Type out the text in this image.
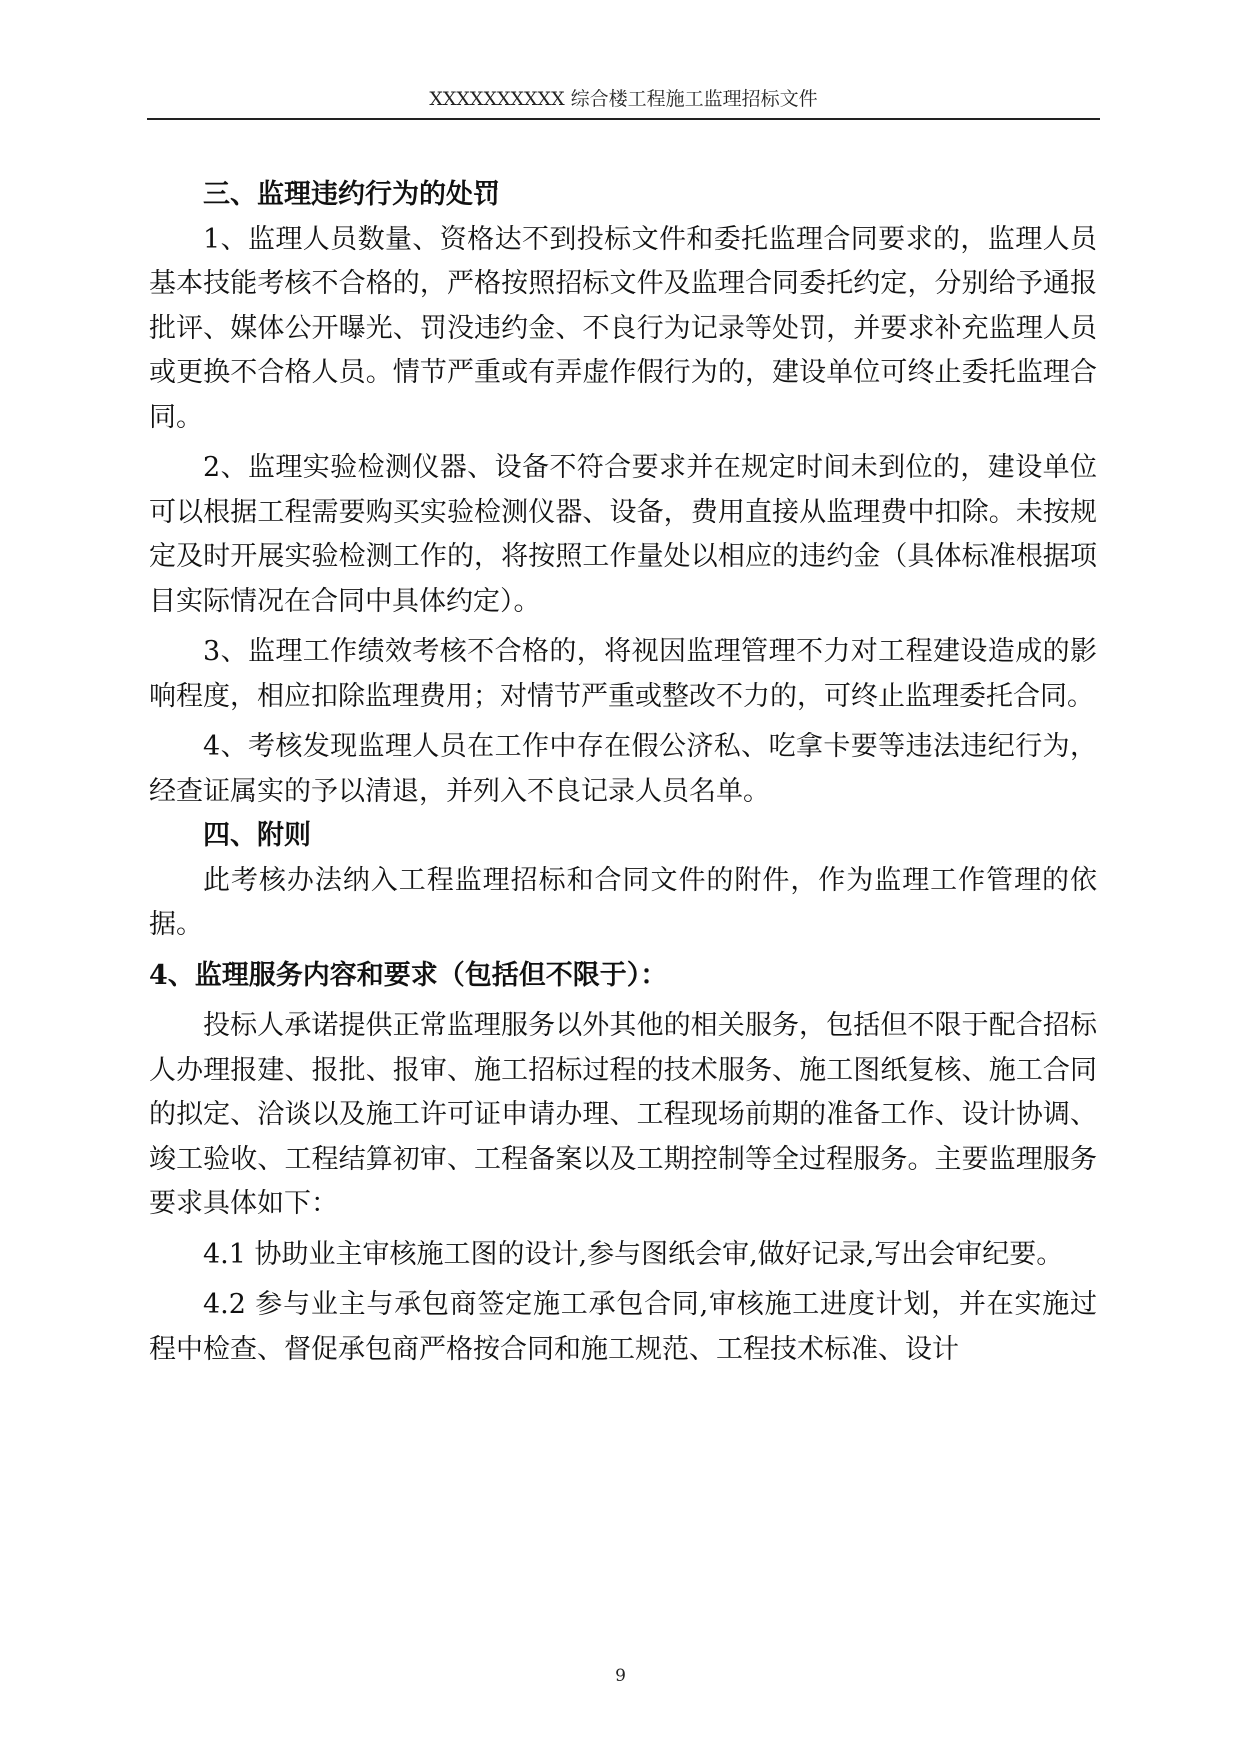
XXXXXXXXXX 综合楼工程施工监理招标文件

三、监理违约行为的处罚

1、监理人员数量、资格达不到投标文件和委托监理合同要求的，监理人员基本技能考核不合格的，严格按照招标文件及监理合同委托约定，分别给予通报批评、媒体公开曝光、罚没违约金、不良行为记录等处罚，并要求补充监理人员或更换不合格人员。情节严重或有弄虚作假行为的，建设单位可终止委托监理合同。

2、监理实验检测仪器、设备不符合要求并在规定时间未到位的，建设单位可以根据工程需要购买实验检测仪器、设备，费用直接从监理费中扣除。未按规定及时开展实验检测工作的，将按照工作量处以相应的违约金（具体标准根据项目实际情况在合同中具体约定）。

3、监理工作绩效考核不合格的，将视因监理管理不力对工程建设造成的影响程度，相应扣除监理费用；对情节严重或整改不力的，可终止监理委托合同。

4、考核发现监理人员在工作中存在假公济私、吃拿卡要等违法违纪行为，经查证属实的予以清退，并列入不良记录人员名单。

四、附则

此考核办法纳入工程监理招标和合同文件的附件，作为监理工作管理的依据。

4、监理服务内容和要求（包括但不限于）：

投标人承诺提供正常监理服务以外其他的相关服务，包括但不限于配合招标人办理报建、报批、报审、施工招标过程的技术服务、施工图纸复核、施工合同的拟定、洽谈以及施工许可证申请办理、工程现场前期的准备工作、设计协调、竣工验收、工程结算初审、工程备案以及工期控制等全过程服务。主要监理服务要求具体如下：

4.1 协助业主审核施工图的设计,参与图纸会审,做好记录,写出会审纪要。

4.2 参与业主与承包商签定施工承包合同,审核施工进度计划，并在实施过程中检查、督促承包商严格按合同和施工规范、工程技术标准、设计

9
